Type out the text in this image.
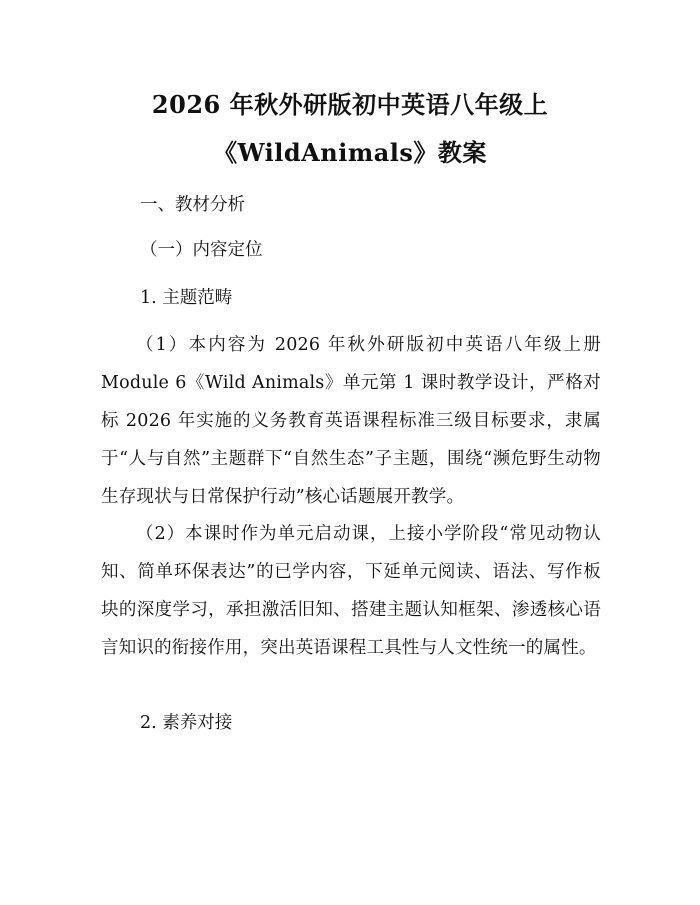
2026 年秋外研版初中英语八年级上
《WildAnimals》教案
一、教材分析
（一）内容定位
1. 主题范畴
（1）本内容为 2026 年秋外研版初中英语八年级上册 Module 6《Wild Animals》单元第 1 课时教学设计，严格对标 2026 年实施的义务教育英语课程标准三级目标要求，隶属于“人与自然”主题群下“自然生态”子主题，围绕“濒危野生动物生存现状与日常保护行动”核心话题展开教学。
（2）本课时作为单元启动课，上接小学阶段“常见动物认知、简单环保表达”的已学内容，下延单元阅读、语法、写作板块的深度学习，承担激活旧知、搭建主题认知框架、渗透核心语言知识的衔接作用，突出英语课程工具性与人文性统一的属性。
2. 素养对接
